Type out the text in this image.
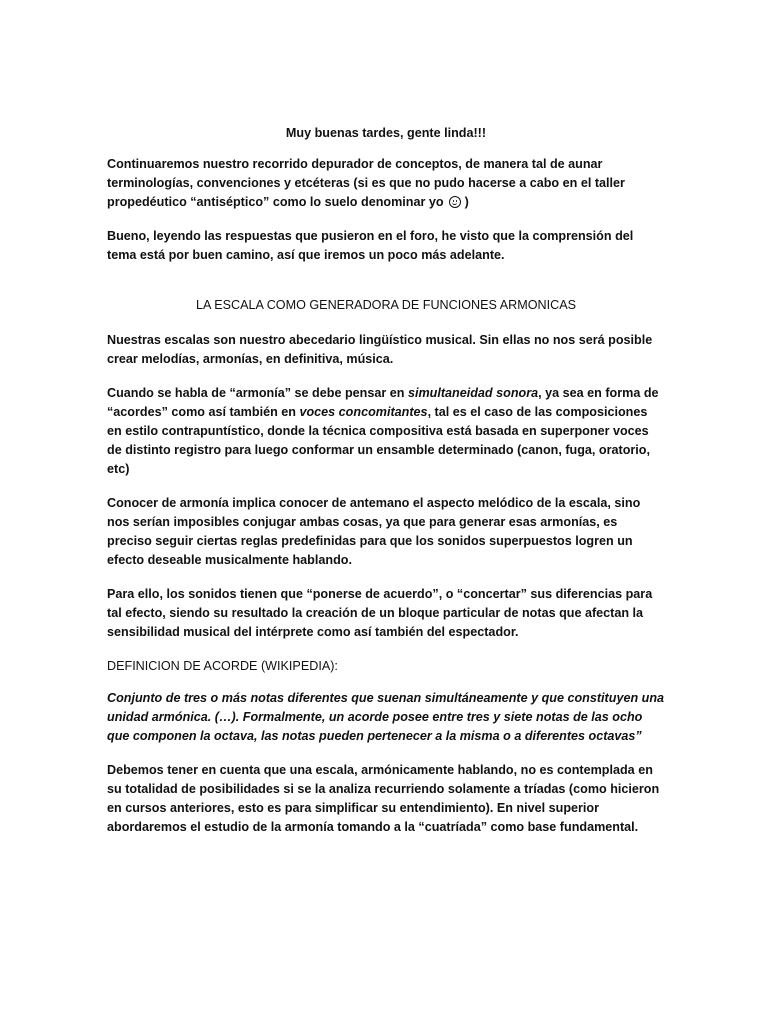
Muy buenas tardes, gente linda!!!

Continuaremos nuestro recorrido depurador de conceptos, de manera tal de aunar terminologías, convenciones y etcéteras (si es que no pudo hacerse a cabo en el taller propedéutico “antiséptico” como lo suelo denominar yo
)

Bueno, leyendo las respuestas que pusieron en el foro, he visto que la comprensión del tema está por buen camino, así que iremos un poco más adelante.

LA ESCALA COMO GENERADORA DE FUNCIONES ARMONICAS

Nuestras escalas son nuestro abecedario lingüístico musical. Sin ellas no nos será posible crear melodías, armonías, en definitiva, música.

Cuando se habla de “armonía” se debe pensar en simultaneidad sonora, ya sea en forma de “acordes” como así también en voces concomitantes, tal es el caso de las composiciones en estilo contrapuntístico, donde la técnica compositiva está basada en superponer voces de distinto registro para luego conformar un ensamble determinado (canon, fuga, oratorio, etc)

Conocer de armonía implica conocer de antemano el aspecto melódico de la escala, sino nos serían imposibles conjugar ambas cosas, ya que para generar esas armonías, es preciso seguir ciertas reglas predefinidas para que los sonidos superpuestos logren un efecto deseable musicalmente hablando.

Para ello, los sonidos tienen que “ponerse de acuerdo”, o “concertar” sus diferencias para tal efecto, siendo su resultado la creación de un bloque particular de notas que afectan la sensibilidad musical del intérprete como así también del espectador.

DEFINICION DE ACORDE (WIKIPEDIA):

Conjunto de tres o más notas diferentes que suenan simultáneamente y que constituyen una unidad armónica. (…). Formalmente, un acorde posee entre tres y siete notas de las ocho que componen la octava, las notas pueden pertenecer a la misma o a diferentes octavas”

Debemos tener en cuenta que una escala, armónicamente hablando, no es contemplada en su totalidad de posibilidades si se la analiza recurriendo solamente a tríadas (como hicieron en cursos anteriores, esto es para simplificar su entendimiento). En nivel superior abordaremos el estudio de la armonía tomando a la “cuatríada” como base fundamental.
